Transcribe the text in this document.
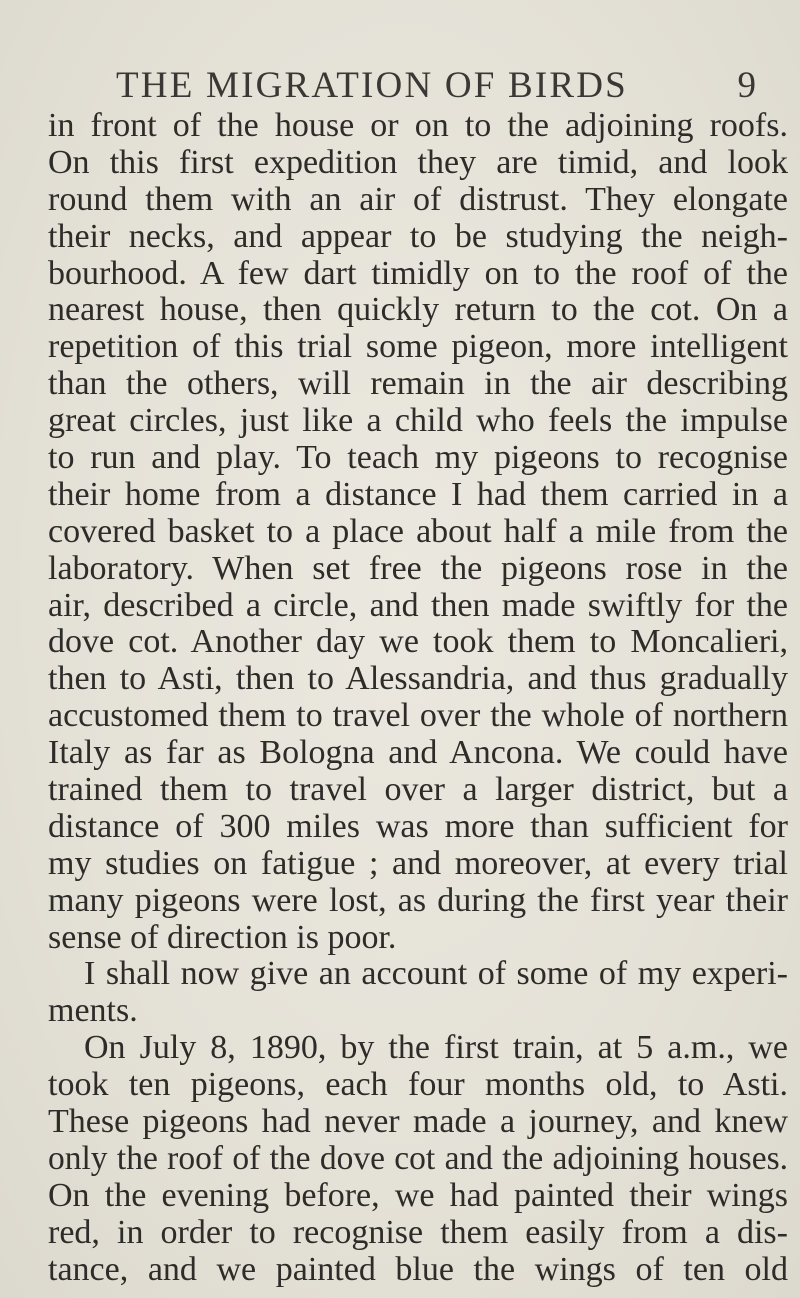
THE MIGRATION OF BIRDS	9
in front of the house or on to the adjoining roofs.
On this first expedition they are timid, and look
round them with an air of distrust. They elongate
their necks, and appear to be studying the neigh-
bourhood. A few dart timidly on to the roof of the
nearest house, then quickly return to the cot. On a
repetition of this trial some pigeon, more intelligent
than the others, will remain in the air describing
great circles, just like a child who feels the impulse
to run and play. To teach my pigeons to recognise
their home from a distance I had them carried in a
covered basket to a place about half a mile from the
laboratory. When set free the pigeons rose in the
air, described a circle, and then made swiftly for the
dove cot. Another day we took them to Moncalieri,
then to Asti, then to Alessandria, and thus gradually
accustomed them to travel over the whole of northern
Italy as far as Bologna and Ancona. We could have
trained them to travel over a larger district, but a
distance of 300 miles was more than sufficient for
my studies on fatigue ; and moreover, at every trial
many pigeons were lost, as during the first year their
sense of direction is poor.
I shall now give an account of some of my experi-
ments.
On July 8, 1890, by the first train, at 5 a.m., we
took ten pigeons, each four months old, to Asti.
These pigeons had never made a journey, and knew
only the roof of the dove cot and the adjoining houses.
On the evening before, we had painted their wings
red, in order to recognise them easily from a dis-
tance, and we painted blue the wings of ten old
